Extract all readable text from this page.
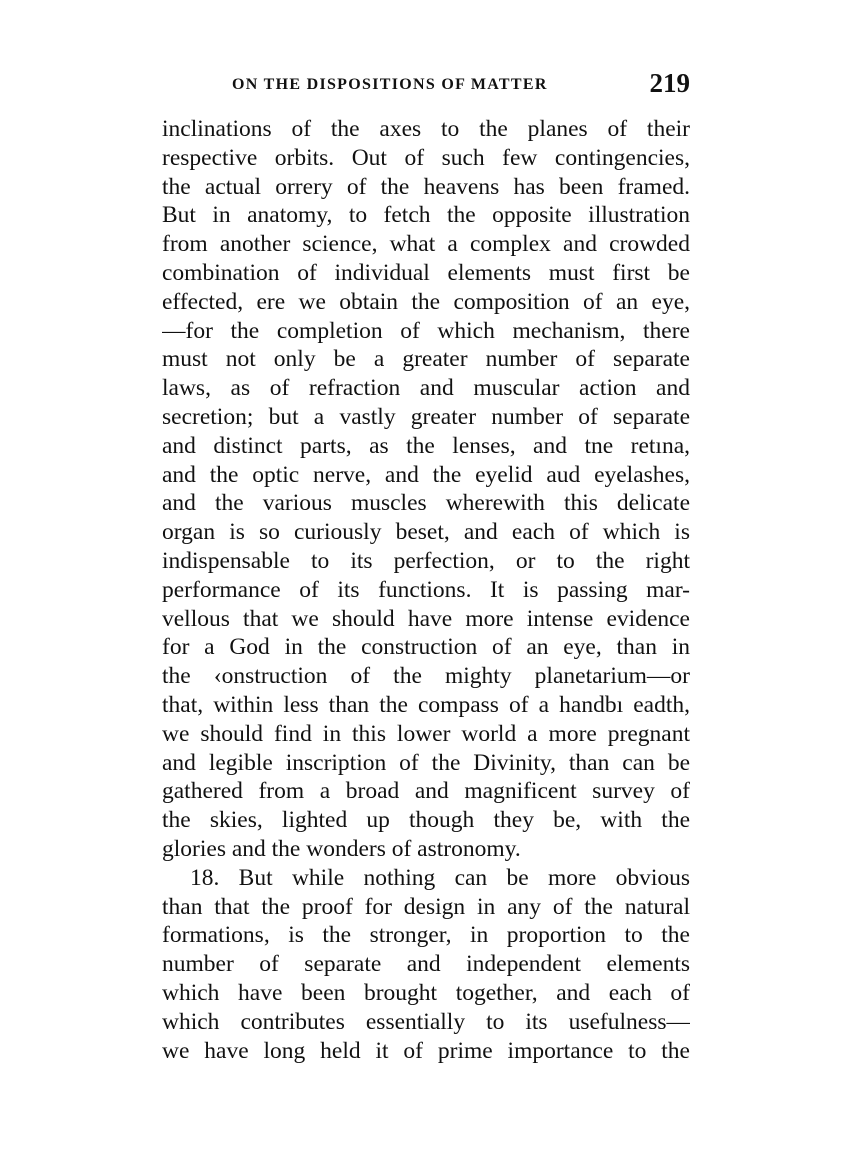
ON THE DISPOSITIONS OF MATTER	219
inclinations of the axes to the planes of their
respective orbits. Out of such few contingencies,
the actual orrery of the heavens has been framed.
But in anatomy, to fetch the opposite illustration
from another science, what a complex and crowded
combination of individual elements must first be
effected, ere we obtain the composition of an eye,
—for the completion of which mechanism, there
must not only be a greater number of separate
laws, as of refraction and muscular action and
secretion; but a vastly greater number of separate
and distinct parts, as the lenses, and tne retına,
and the optic nerve, and the eyelid aud eyelashes,
and the various muscles wherewith this delicate
organ is so curiously beset, and each of which is
indispensable to its perfection, or to the right
performance of its functions. It is passing mar-
vellous that we should have more intense evidence
for a God in the construction of an eye, than in
the ‹onstruction of the mighty planetarium—or
that, within less than the compass of a handbı eadth,
we should find in this lower world a more pregnant
and legible inscription of the Divinity, than can be
gathered from a broad and magnificent survey of
the skies, lighted up though they be, with the
glories and the wonders of astronomy.
18. But while nothing can be more obvious
than that the proof for design in any of the natural
formations, is the stronger, in proportion to the
number of separate and independent elements
which have been brought together, and each of
which contributes essentially to its usefulness—
we have long held it of prime importance to the
